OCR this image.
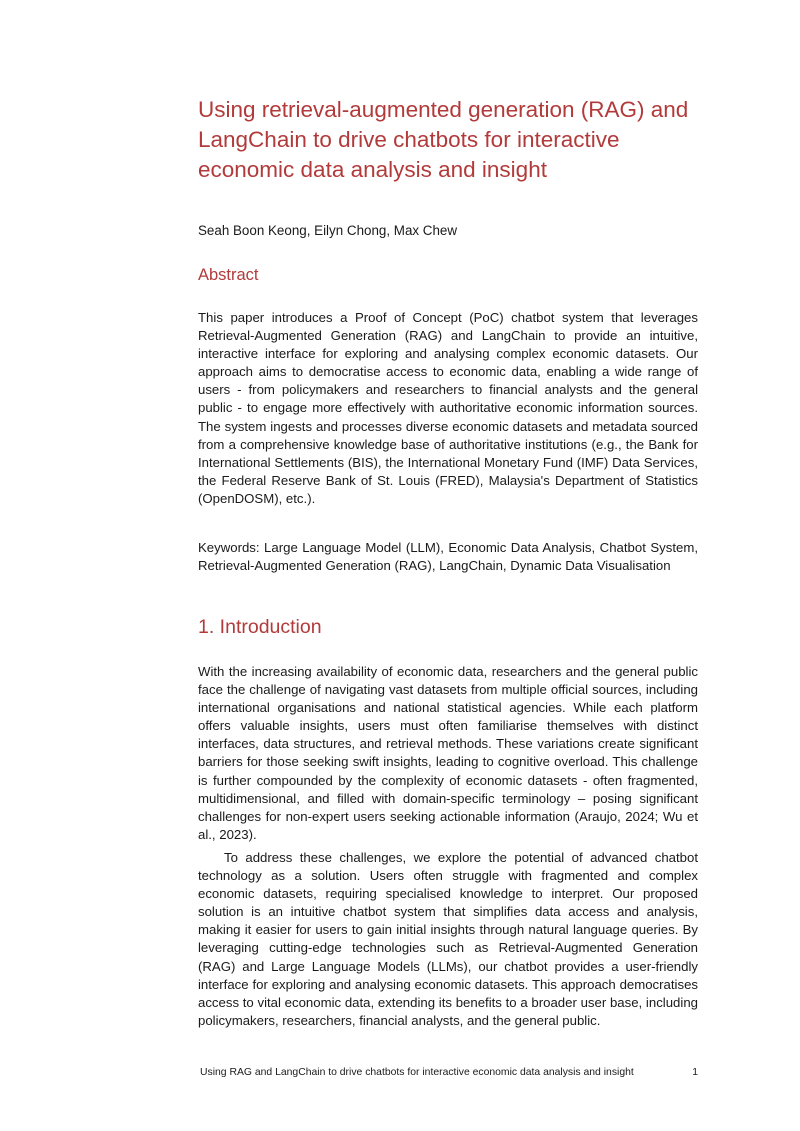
Using retrieval-augmented generation (RAG) and LangChain to drive chatbots for interactive economic data analysis and insight

Seah Boon Keong, Eilyn Chong, Max Chew

Abstract

This paper introduces a Proof of Concept (PoC) chatbot system that leverages Retrieval-Augmented Generation (RAG) and LangChain to provide an intuitive, interactive interface for exploring and analysing complex economic datasets. Our approach aims to democratise access to economic data, enabling a wide range of users - from policymakers and researchers to financial analysts and the general public - to engage more effectively with authoritative economic information sources. The system ingests and processes diverse economic datasets and metadata sourced from a comprehensive knowledge base of authoritative institutions (e.g., the Bank for International Settlements (BIS), the International Monetary Fund (IMF) Data Services, the Federal Reserve Bank of St. Louis (FRED), Malaysia's Department of Statistics (OpenDOSM), etc.).

Keywords: Large Language Model (LLM), Economic Data Analysis, Chatbot System, Retrieval-Augmented Generation (RAG), LangChain, Dynamic Data Visualisation

1. Introduction

With the increasing availability of economic data, researchers and the general public face the challenge of navigating vast datasets from multiple official sources, including international organisations and national statistical agencies. While each platform offers valuable insights, users must often familiarise themselves with distinct interfaces, data structures, and retrieval methods. These variations create significant barriers for those seeking swift insights, leading to cognitive overload. This challenge is further compounded by the complexity of economic datasets - often fragmented, multidimensional, and filled with domain-specific terminology – posing significant challenges for non-expert users seeking actionable information (Araujo, 2024; Wu et al., 2023).

To address these challenges, we explore the potential of advanced chatbot technology as a solution. Users often struggle with fragmented and complex economic datasets, requiring specialised knowledge to interpret. Our proposed solution is an intuitive chatbot system that simplifies data access and analysis, making it easier for users to gain initial insights through natural language queries. By leveraging cutting-edge technologies such as Retrieval-Augmented Generation (RAG) and Large Language Models (LLMs), our chatbot provides a user-friendly interface for exploring and analysing economic datasets. This approach democratises access to vital economic data, extending its benefits to a broader user base, including policymakers, researchers, financial analysts, and the general public.

Using RAG and LangChain to drive chatbots for interactive economic data analysis and insight	1
